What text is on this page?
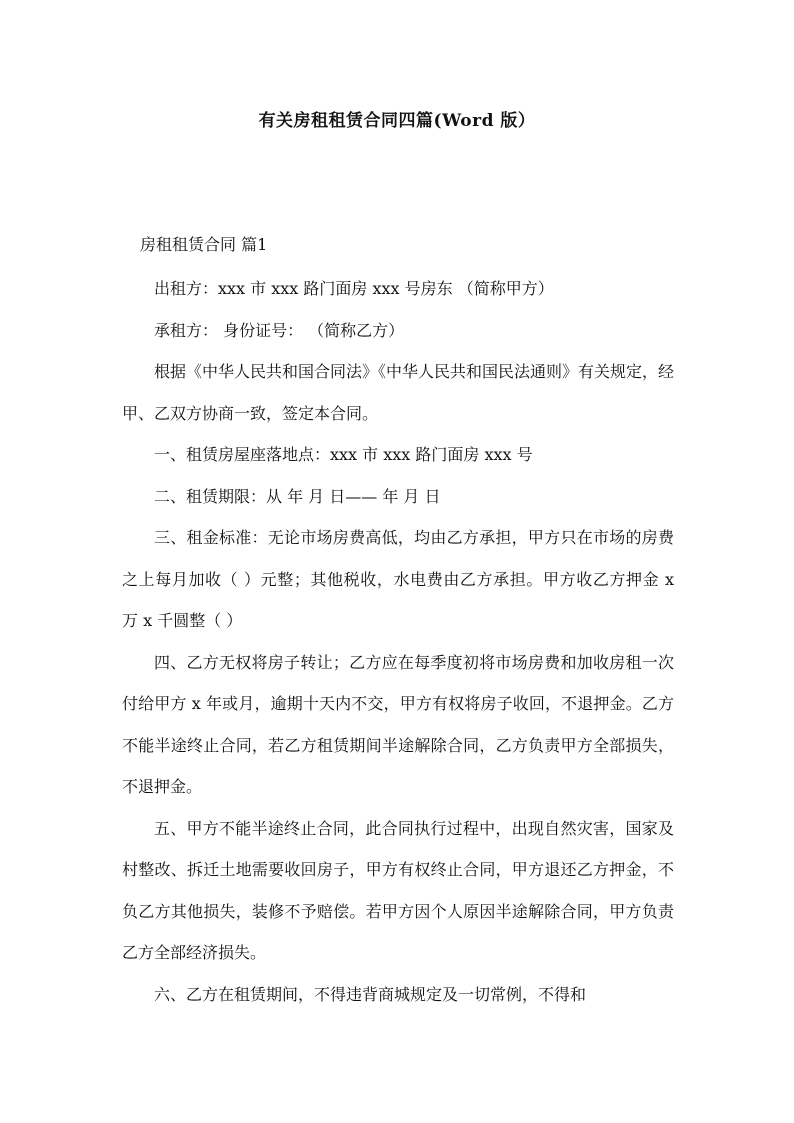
有关房租租赁合同四篇(Word 版）
房租租赁合同 篇1

出租方：xxx 市 xxx 路门面房 xxx 号房东 （简称甲方）

承租方： 身份证号： （简称乙方）

根据《中华人民共和国合同法》《中华人民共和国民法通则》有关规定，经甲、乙双方协商一致，签定本合同。

一、租赁房屋座落地点：xxx 市 xxx 路门面房 xxx 号

二、租赁期限：从 年 月 日—— 年 月 日

三、租金标准：无论市场房费高低，均由乙方承担，甲方只在市场的房费之上每月加收（ ）元整；其他税收，水电费由乙方承担。甲方收乙方押金 x 万 x 千圆整（ ）

四、乙方无权将房子转让；乙方应在每季度初将市场房费和加收房租一次付给甲方 x 年或月，逾期十天内不交，甲方有权将房子收回，不退押金。乙方不能半途终止合同，若乙方租赁期间半途解除合同，乙方负责甲方全部损失，不退押金。

五、甲方不能半途终止合同，此合同执行过程中，出现自然灾害，国家及村整改、拆迁土地需要收回房子，甲方有权终止合同，甲方退还乙方押金，不负乙方其他损失，装修不予赔偿。若甲方因个人原因半途解除合同，甲方负责乙方全部经济损失。

六、乙方在租赁期间，不得违背商城规定及一切常例，不得和
